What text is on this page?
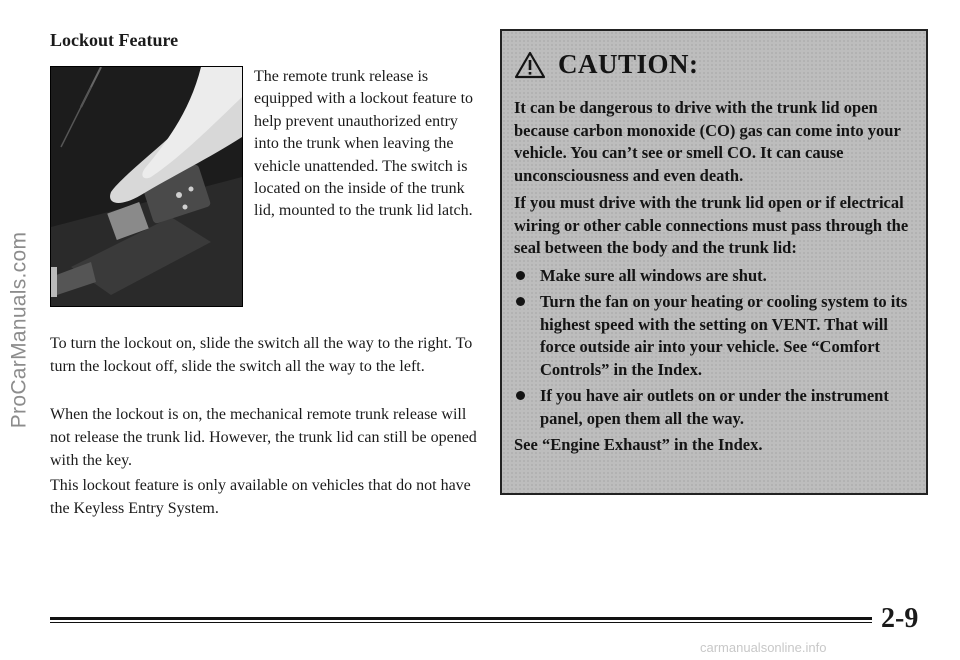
ProCarManuals.com
Lockout Feature
The remote trunk release is equipped with a lockout feature to help prevent unauthorized entry into the trunk when leaving the vehicle unattended. The switch is located on the inside of the trunk lid, mounted to the trunk lid latch.

To turn the lockout on, slide the switch all the way to the right. To turn the lockout off, slide the switch all the way to the left.

When the lockout is on, the mechanical remote trunk release will not release the trunk lid. However, the trunk lid can still be opened with the key.

This lockout feature is only available on vehicles that do not have the Keyless Entry System.

CAUTION:

It can be dangerous to drive with the trunk lid open because carbon monoxide (CO) gas can come into your vehicle. You can’t see or smell CO. It can cause unconsciousness and even death.

If you must drive with the trunk lid open or if electrical wiring or other cable connections must pass through the seal between the body and the trunk lid:

Make sure all windows are shut.
Turn the fan on your heating or cooling system to its highest speed with the setting on VENT. That will force outside air into your vehicle. See “Comfort Controls” in the Index.
If you have air outlets on or under the instrument panel, open them all the way.

See “Engine Exhaust” in the Index.

2-9
carmanualsonline.info
